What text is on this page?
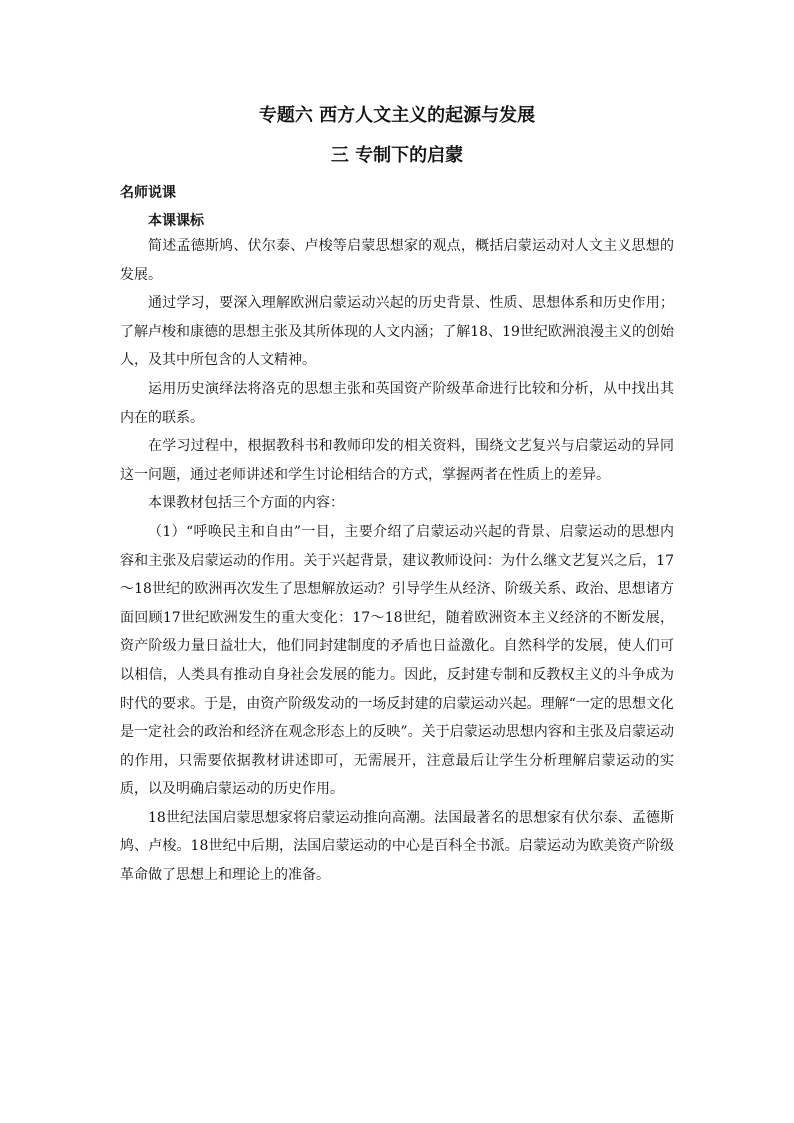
专题六 西方人文主义的起源与发展
三 专制下的启蒙
名师说课
本课课标

简述孟德斯鸠、伏尔泰、卢梭等启蒙思想家的观点，概括启蒙运动对人文主义思想的发展。

通过学习，要深入理解欧洲启蒙运动兴起的历史背景、性质、思想体系和历史作用；了解卢梭和康德的思想主张及其所体现的人文内涵；了解18、19世纪欧洲浪漫主义的创始人，及其中所包含的人文精神。

运用历史演绎法将洛克的思想主张和英国资产阶级革命进行比较和分析，从中找出其内在的联系。

在学习过程中，根据教科书和教师印发的相关资料，围绕文艺复兴与启蒙运动的异同这一问题，通过老师讲述和学生讨论相结合的方式，掌握两者在性质上的差异。

本课教材包括三个方面的内容：

（1）“呼唤民主和自由”一目，主要介绍了启蒙运动兴起的背景、启蒙运动的思想内容和主张及启蒙运动的作用。关于兴起背景，建议教师设问：为什么继文艺复兴之后，17～18世纪的欧洲再次发生了思想解放运动？引导学生从经济、阶级关系、政治、思想诸方面回顾17世纪欧洲发生的重大变化：17～18世纪，随着欧洲资本主义经济的不断发展，资产阶级力量日益壮大，他们同封建制度的矛盾也日益激化。自然科学的发展，使人们可以相信，人类具有推动自身社会发展的能力。因此，反封建专制和反教权主义的斗争成为时代的要求。于是，由资产阶级发动的一场反封建的启蒙运动兴起。理解“一定的思想文化是一定社会的政治和经济在观念形态上的反映”。关于启蒙运动思想内容和主张及启蒙运动的作用，只需要依据教材讲述即可，无需展开，注意最后让学生分析理解启蒙运动的实质，以及明确启蒙运动的历史作用。

18世纪法国启蒙思想家将启蒙运动推向高潮。法国最著名的思想家有伏尔泰、孟德斯鸠、卢梭。18世纪中后期，法国启蒙运动的中心是百科全书派。启蒙运动为欧美资产阶级革命做了思想上和理论上的准备。
